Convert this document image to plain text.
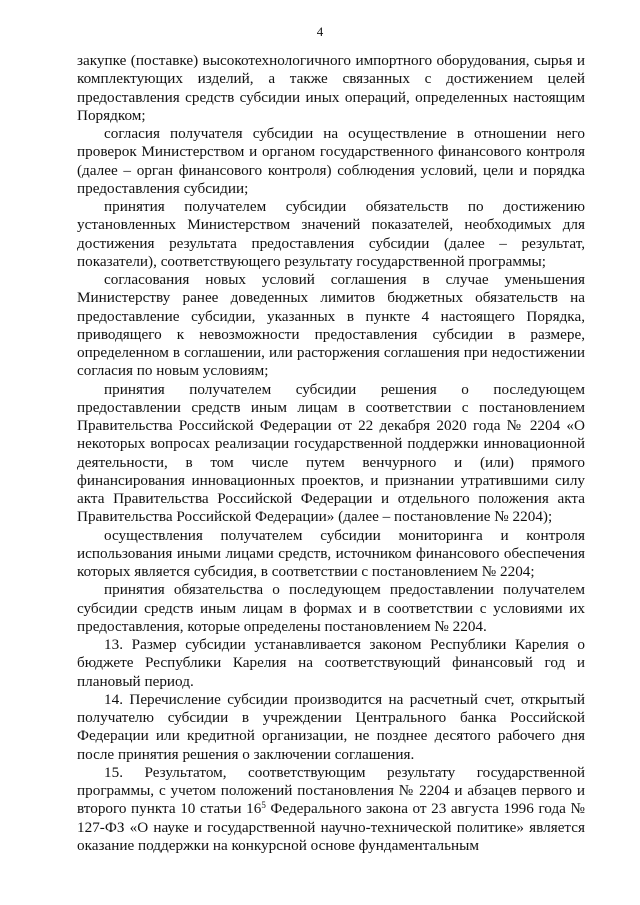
4

закупке (поставке) высокотехнологичного импортного оборудования, сырья и комплектующих изделий, а также связанных с достижением целей предоставления средств субсидии иных операций, определенных настоящим Порядком;

согласия получателя субсидии на осуществление в отношении него проверок Министерством и органом государственного финансового контроля (далее – орган финансового контроля) соблюдения условий, цели и порядка предоставления субсидии;

принятия получателем субсидии обязательств по достижению установленных Министерством значений показателей, необходимых для достижения результата предоставления субсидии (далее – результат, показатели), соответствующего результату государственной программы;

согласования новых условий соглашения в случае уменьшения Министерству ранее доведенных лимитов бюджетных обязательств на предоставление субсидии, указанных в пункте 4 настоящего Порядка, приводящего к невозможности предоставления субсидии в размере, определенном в соглашении, или расторжения соглашения при недостижении согласия по новым условиям;

принятия получателем субсидии решения о последующем предоставлении средств иным лицам в соответствии с постановлением Правительства Российской Федерации от 22 декабря 2020 года № 2204 «О некоторых вопросах реализации государственной поддержки инновационной деятельности, в том числе путем венчурного и (или) прямого финансирования инновационных проектов, и признании утратившими силу акта Правительства Российской Федерации и отдельного положения акта Правительства Российской Федерации» (далее – постановление № 2204);

осуществления получателем субсидии мониторинга и контроля использования иными лицами средств, источником финансового обеспечения которых является субсидия, в соответствии с постановлением № 2204;

принятия обязательства о последующем предоставлении получателем субсидии средств иным лицам в формах и в соответствии с условиями их предоставления, которые определены постановлением № 2204.

13. Размер субсидии устанавливается законом Республики Карелия о бюджете Республики Карелия на соответствующий финансовый год и плановый период.

14. Перечисление субсидии производится на расчетный счет, открытый получателю субсидии в учреждении Центрального банка Российской Федерации или кредитной организации, не позднее десятого рабочего дня после принятия решения о заключении соглашения.

15. Результатом, соответствующим результату государственной программы, с учетом положений постановления № 2204 и абзацев первого и второго пункта 10 статьи $16^5$ Федерального закона от 23 августа 1996 года № 127-ФЗ «О науке и государственной научно-технической политике» является оказание поддержки на конкурсной основе фундаментальным
